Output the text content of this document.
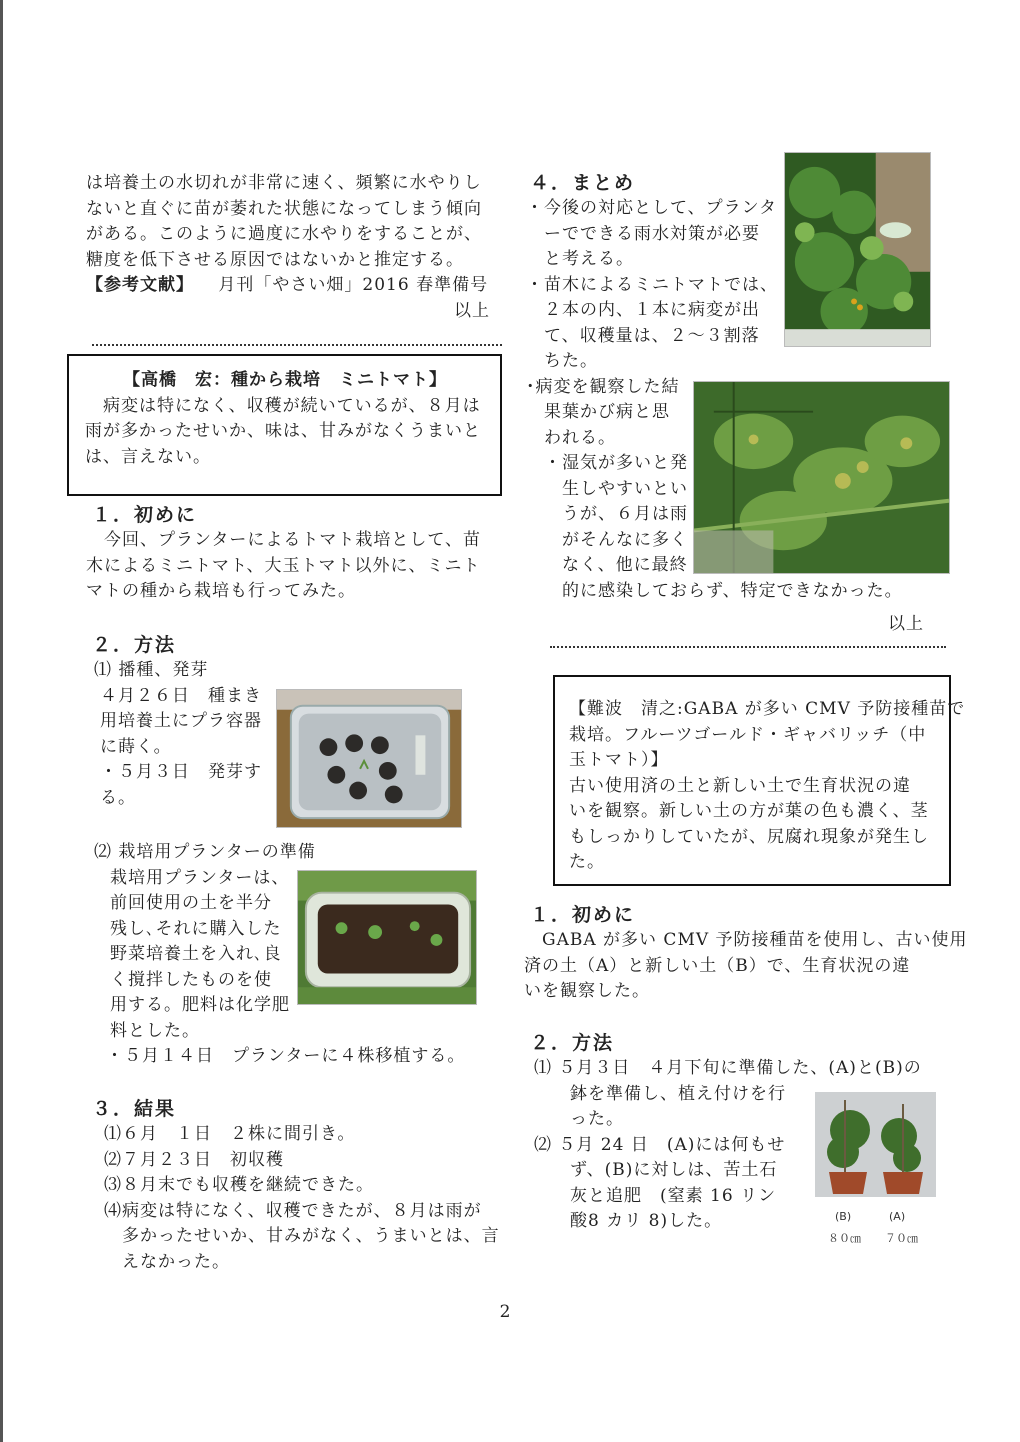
は培養土の水切れが非常に速く、頻繁に水やりし

ないと直ぐに苗が萎れた状態になってしまう傾向

がある。このように過度に水やりをすることが、

糖度を低下させる原因ではないかと推定する。

【参考文献】 月刊「やさい畑」2016 春準備号

以上

【高橋　宏：種から栽培　ミニトマト】

　病変は特になく、収穫が続いているが、８月は

雨が多かったせいか、味は、甘みがなくうまいと

は、言えない。

１．初めに

　今回、プランターによるトマト栽培として、苗

木によるミニトマト、大玉トマト以外に、ミニト

マトの種から栽培も行ってみた。

２．方法

⑴ 播種、発芽

４月２６日　種まき

用培養土にプラ容器

に蒔く。

・５月３日　発芽す

る。

⑵ 栽培用プランターの準備

栽培用プランターは、

前回使用の土を半分

残し､それに購入した

野菜培養土を入れ､良

く撹拌したものを使

用する。肥料は化学肥

料とした。

・５月１４日　プランターに４株移植する。

３．結果

⑴６月　１日　２株に間引き。

⑵７月２３日　初収穫

⑶８月末でも収穫を継続できた。

⑷病変は特になく、収穫できたが、８月は雨が

　多かったせいか、甘みがなく、うまいとは、言

　えなかった。

４．まとめ

・今後の対応として、プランタ

　ーでできる雨水対策が必要

　と考える。

・苗木によるミニトマトでは、

　２本の内、１本に病変が出

　て、収穫量は、２～３割落

　ちた。

･病変を観察した結

　果葉かび病と思

　われる。

　・湿気が多いと発

　　生しやすいとい

　　うが、６月は雨

　　がそんなに多く

　　なく、他に最終

　　的に感染しておらず、特定できなかった。

以上

【難波　清之:GABA が多い CMV 予防接種苗で

栽培。フルーツゴールド・ギャバリッチ（中

玉トマト）】

古い使用済の土と新しい土で生育状況の違

いを観察。新しい土の方が葉の色も濃く、茎

もしっかりしていたが、尻腐れ現象が発生し

た。

１．初めに

　GABA が多い CMV 予防接種苗を使用し、古い使用

済の土（A）と新しい土（B）で、生育状況の違

いを観察した。

２．方法

⑴ ５月３日　４月下旬に準備した、(A)と(B)の

　　鉢を準備し、植え付けを行

　　った。

⑵ ５月 24 日　(A)には何もせ

　　ず、(B)に対しは、苦土石

　　灰と追肥　(窒素 16 リン

　　酸8 カリ 8)した。	(B)	(A)
８０㎝ ７０㎝
2
